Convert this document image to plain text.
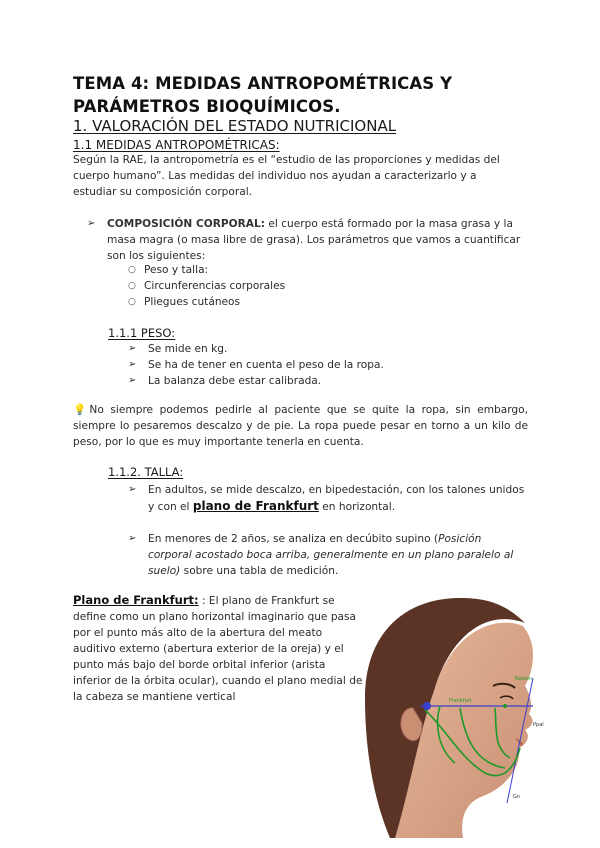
TEMA 4: MEDIDAS ANTROPOMÉTRICAS Y PARÁMETROS BIOQUÍMICOS.
1. VALORACIÓN DEL ESTADO NUTRICIONAL
1.1 MEDIDAS ANTROPOMÉTRICAS:
Según la RAE, la antropometría es el “estudio de las proporciones y medidas del cuerpo humano”. Las medidas del individuo nos ayudan a caracterizarlo y a estudiar su composición corporal.
➢	COMPOSICIÓN CORPORAL: el cuerpo está formado por la masa grasa y la masa magra (o masa libre de grasa). Los parámetros que vamos a cuantificar son los siguientes:
○ Peso y talla:
○ Circunferencias corporales
○ Pliegues cutáneos
1.1.1 PESO:
➢	Se mide en kg.
➢	Se ha de tener en cuenta el peso de la ropa.
➢	La balanza debe estar calibrada.
💡No siempre podemos pedirle al paciente que se quite la ropa, sin embargo, siempre lo pesaremos descalzo y de pie. La ropa puede pesar en torno a un kilo de peso, por lo que es muy importante tenerla en cuenta.
1.1.2. TALLA:
➢	En adultos, se mide descalzo, en bipedestación, con los talones unidos y con el plano de Frankfurt en horizontal.
➢	En menores de 2 años, se analiza en decúbito supino (Posición corporal acostado boca arriba, generalmente en un plano paralelo al suelo) sobre una tabla de medición.
Plano de Frankfurt: : El plano de Frankfurt se define como un plano horizontal imaginario que pasa por el punto más alto de la abertura del meato auditivo externo (abertura exterior de la oreja) y el punto más bajo del borde orbital inferior (arista inferior de la órbita ocular), cuando el plano medial de la cabeza se mantiene vertical	Frankfurt
Nasion
Ppal
Gn
